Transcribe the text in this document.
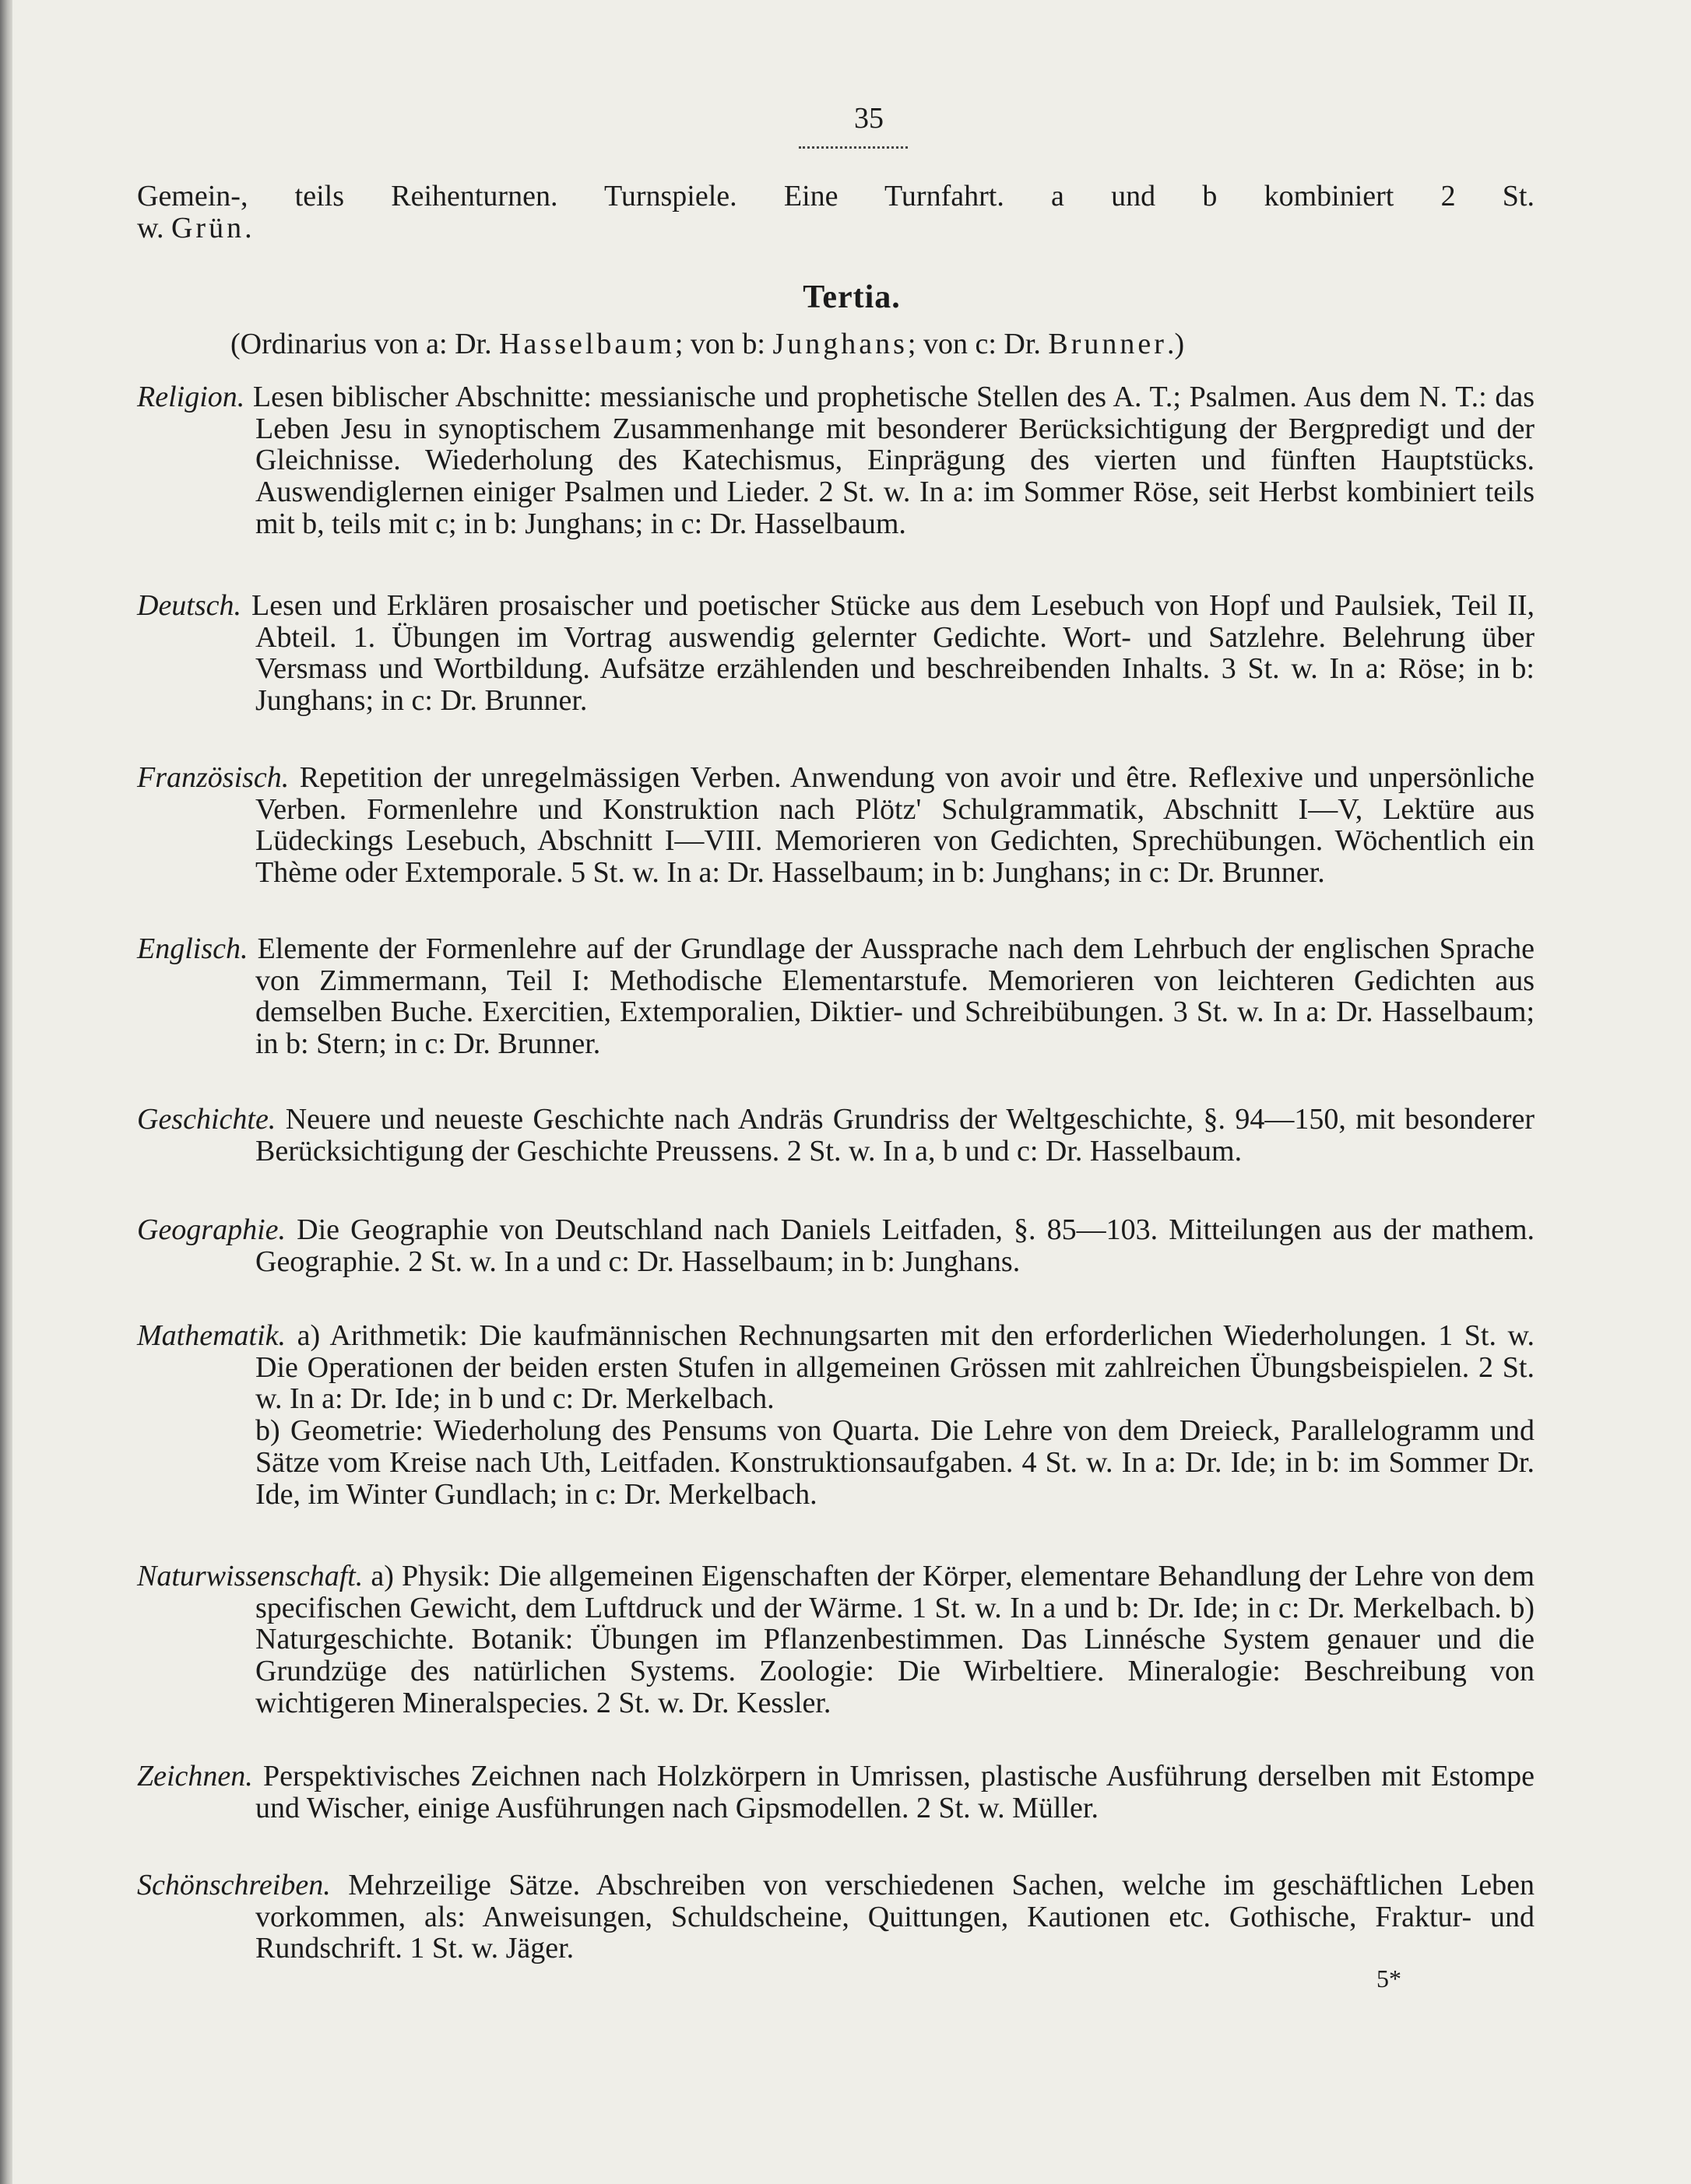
35

Gemein-, teils Reihenturnen. Turnspiele. Eine Turnfahrt. a und b kombiniert 2 St.

w. Grün.

Tertia.
(Ordinarius von a: Dr. Hasselbaum; von b: Junghans; von c: Dr. Brunner.)

Religion. Lesen biblischer Abschnitte: messianische und prophetische Stellen des A. T.; Psalmen. Aus dem N. T.: das Leben Jesu in synoptischem Zusammenhange mit besonderer Berücksichtigung der Bergpredigt und der Gleichnisse. Wiederholung des Katechismus, Einprägung des vierten und fünften Hauptstücks. Auswendiglernen einiger Psalmen und Lieder. 2 St. w. In a: im Sommer Röse, seit Herbst kombiniert teils mit b, teils mit c; in b: Junghans; in c: Dr. Hasselbaum.

Deutsch. Lesen und Erklären prosaischer und poetischer Stücke aus dem Lesebuch von Hopf und Paulsiek, Teil II, Abteil. 1. Übungen im Vortrag auswendig gelernter Gedichte. Wort- und Satzlehre. Belehrung über Versmass und Wortbildung. Aufsätze erzählenden und beschreibenden Inhalts. 3 St. w. In a: Röse; in b: Junghans; in c: Dr. Brunner.

Französisch. Repetition der unregelmässigen Verben. Anwendung von avoir und être. Reflexive und unpersönliche Verben. Formenlehre und Konstruktion nach Plötz' Schulgrammatik, Abschnitt I—V, Lektüre aus Lüdeckings Lesebuch, Abschnitt I—VIII. Memorieren von Gedichten, Sprechübungen. Wöchentlich ein Thème oder Extemporale. 5 St. w. In a: Dr. Hasselbaum; in b: Junghans; in c: Dr. Brunner.

Englisch. Elemente der Formenlehre auf der Grundlage der Aussprache nach dem Lehrbuch der englischen Sprache von Zimmermann, Teil I: Methodische Elementarstufe. Memorieren von leichteren Gedichten aus demselben Buche. Exercitien, Extemporalien, Diktier- und Schreibübungen. 3 St. w. In a: Dr. Hasselbaum; in b: Stern; in c: Dr. Brunner.

Geschichte. Neuere und neueste Geschichte nach Andräs Grundriss der Weltgeschichte, §. 94—150, mit besonderer Berücksichtigung der Geschichte Preussens. 2 St. w. In a, b und c: Dr. Hasselbaum.

Geographie. Die Geographie von Deutschland nach Daniels Leitfaden, §. 85—103. Mitteilungen aus der mathem. Geographie. 2 St. w. In a und c: Dr. Hasselbaum; in b: Junghans.

Mathematik. a) Arithmetik: Die kaufmännischen Rechnungsarten mit den erforderlichen Wiederholungen. 1 St. w. Die Operationen der beiden ersten Stufen in allgemeinen Grössen mit zahlreichen Übungsbeispielen. 2 St. w. In a: Dr. Ide; in b und c: Dr. Merkelbach.

b) Geometrie: Wiederholung des Pensums von Quarta. Die Lehre von dem Dreieck, Parallelogramm und Sätze vom Kreise nach Uth, Leitfaden. Konstruktionsaufgaben. 4 St. w. In a: Dr. Ide; in b: im Sommer Dr. Ide, im Winter Gundlach; in c: Dr. Merkelbach.

Naturwissenschaft. a) Physik: Die allgemeinen Eigenschaften der Körper, elementare Behandlung der Lehre von dem specifischen Gewicht, dem Luftdruck und der Wärme. 1 St. w. In a und b: Dr. Ide; in c: Dr. Merkelbach. b) Naturgeschichte. Botanik: Übungen im Pflanzenbestimmen. Das Linnésche System genauer und die Grundzüge des natürlichen Systems. Zoologie: Die Wirbeltiere. Mineralogie: Beschreibung von wichtigeren Mineralspecies. 2 St. w. Dr. Kessler.

Zeichnen. Perspektivisches Zeichnen nach Holzkörpern in Umrissen, plastische Ausführung derselben mit Estompe und Wischer, einige Ausführungen nach Gipsmodellen. 2 St. w. Müller.

Schönschreiben. Mehrzeilige Sätze. Abschreiben von verschiedenen Sachen, welche im geschäftlichen Leben vorkommen, als: Anweisungen, Schuldscheine, Quittungen, Kautionen etc. Gothische, Fraktur- und Rundschrift. 1 St. w. Jäger.

5*
